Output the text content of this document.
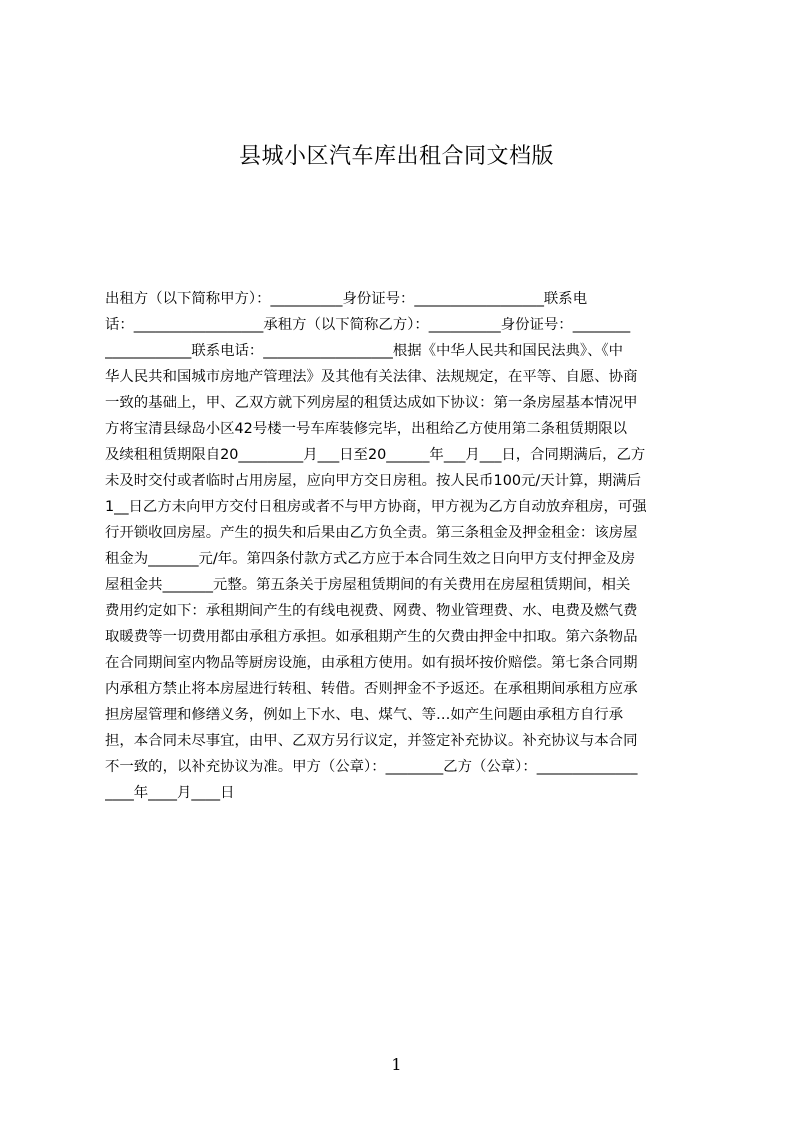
县城小区汽车库出租合同文档版
出租方（以下简称甲方）：__________身份证号：__________________联系电
话：__________________承租方（以下简称乙方）：__________身份证号：________
____________联系电话：__________________根据《中华人民共和国民法典》、《中
华人民共和国城市房地产管理法》及其他有关法律、法规规定，在平等、自愿、协商
一致的基础上，甲、乙双方就下列房屋的租赁达成如下协议：第一条房屋基本情况甲
方将宝清县绿岛小区42号楼一号车库装修完毕，出租给乙方使用第二条租赁期限以
及续租租赁期限自20_________月___日至20______年___月___日，合同期满后，乙方
未及时交付或者临时占用房屋，应向甲方交日房租。按人民币100元/天计算，期满后
1__日乙方未向甲方交付日租房或者不与甲方协商，甲方视为乙方自动放弃租房，可强
行开锁收回房屋。产生的损失和后果由乙方负全责。第三条租金及押金租金：该房屋
租金为_______元/年。第四条付款方式乙方应于本合同生效之日向甲方支付押金及房
屋租金共_______元整。第五条关于房屋租赁期间的有关费用在房屋租赁期间，相关
费用约定如下：承租期间产生的有线电视费、网费、物业管理费、水、电费及燃气费
取暖费等一切费用都由承租方承担。如承租期产生的欠费由押金中扣取。第六条物品
在合同期间室内物品等厨房设施，由承租方使用。如有损坏按价赔偿。第七条合同期
内承租方禁止将本房屋进行转租、转借。否则押金不予返还。在承租期间承租方应承
担房屋管理和修缮义务，例如上下水、电、煤气、等…如产生问题由承租方自行承
担，本合同未尽事宜，由甲、乙双方另行议定，并签定补充协议。补充协议与本合同
不一致的，以补充协议为准。甲方（公章）：________乙方（公章）：______________
____年____月____日
1
